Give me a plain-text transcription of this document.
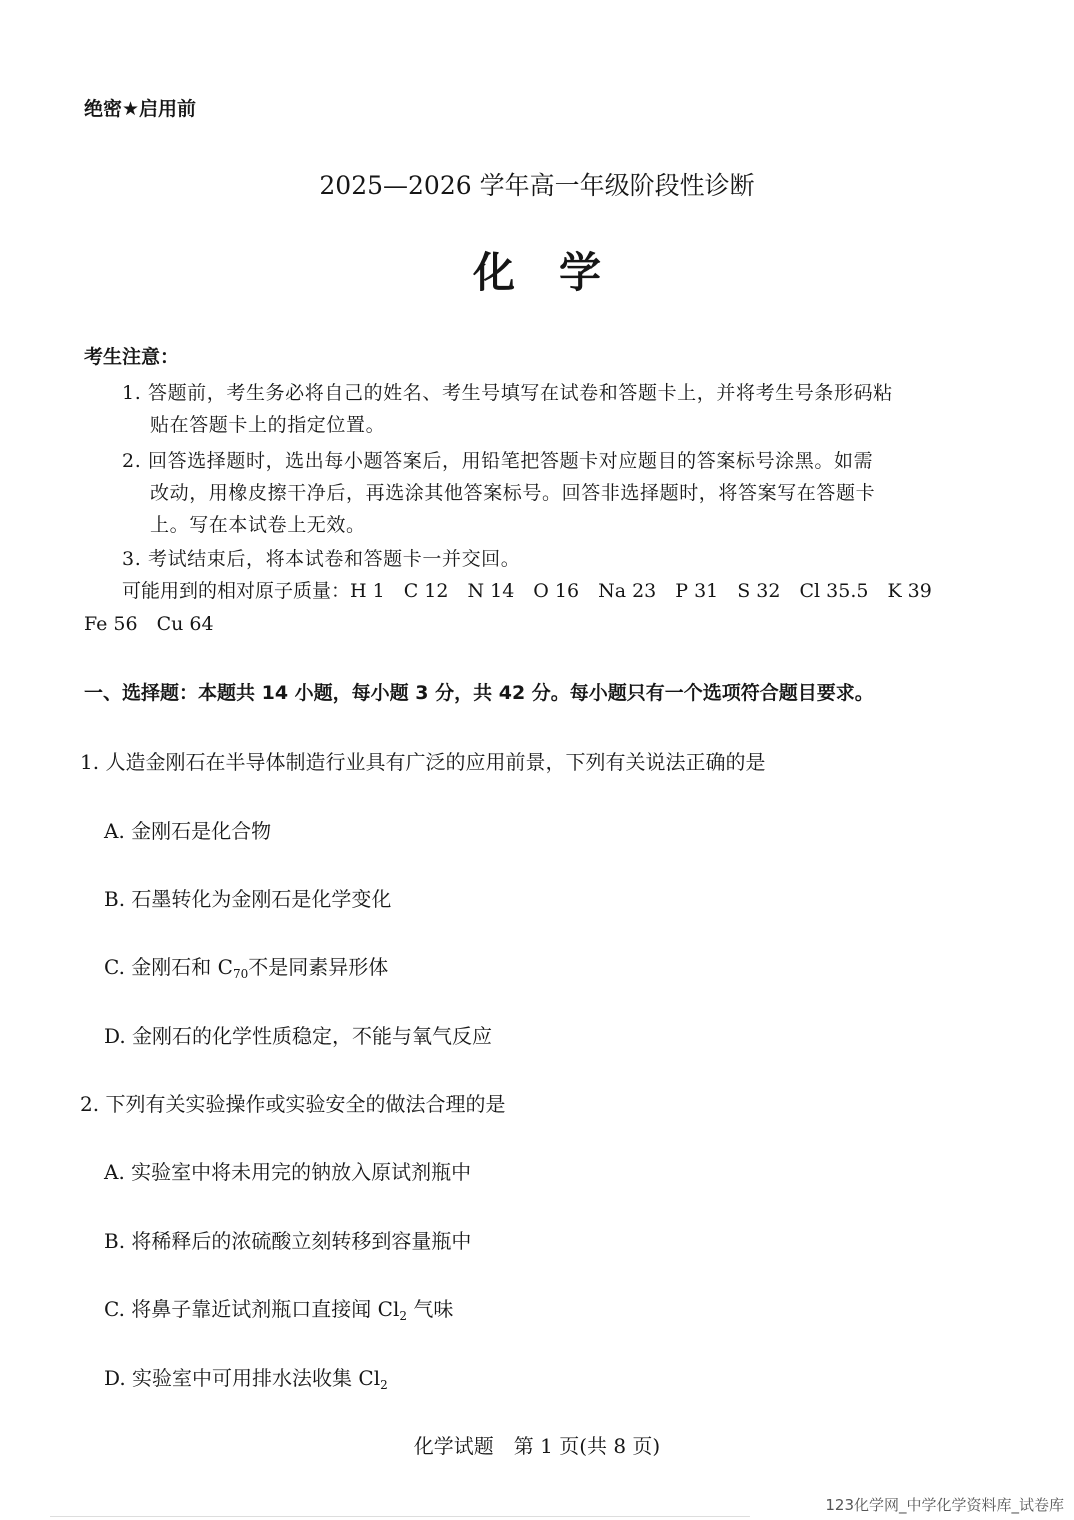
绝密★启用前
2025—2026 学年高一年级阶段性诊断
化学
考生注意：
1. 答题前，考生务必将自己的姓名、考生号填写在试卷和答题卡上，并将考生号条形码粘
贴在答题卡上的指定位置。
2. 回答选择题时，选出每小题答案后，用铅笔把答题卡对应题目的答案标号涂黑。如需
改动，用橡皮擦干净后，再选涂其他答案标号。回答非选择题时，将答案写在答题卡
上。写在本试卷上无效。
3. 考试结束后，将本试卷和答题卡一并交回。
可能用到的相对原子质量：H 1　C 12　N 14　O 16　Na 23　P 31　S 32　Cl 35.5　K 39
Fe 56　Cu 64
一、选择题：本题共 14 小题，每小题 3 分，共 42 分。每小题只有一个选项符合题目要求。
1. 人造金刚石在半导体制造行业具有广泛的应用前景，下列有关说法正确的是
A. 金刚石是化合物
B. 石墨转化为金刚石是化学变化
C. 金刚石和 $C_{70}$不是同素异形体
D. 金刚石的化学性质稳定，不能与氧气反应
2. 下列有关实验操作或实验安全的做法合理的是
A. 实验室中将未用完的钠放入原试剂瓶中
B. 将稀释后的浓硫酸立刻转移到容量瓶中
C. 将鼻子靠近试剂瓶口直接闻 $Cl_2$ 气味
D. 实验室中可用排水法收集 $Cl_2$
化学试题　第 1 页(共 8 页)
123化学网_中学化学资料库_试卷库
